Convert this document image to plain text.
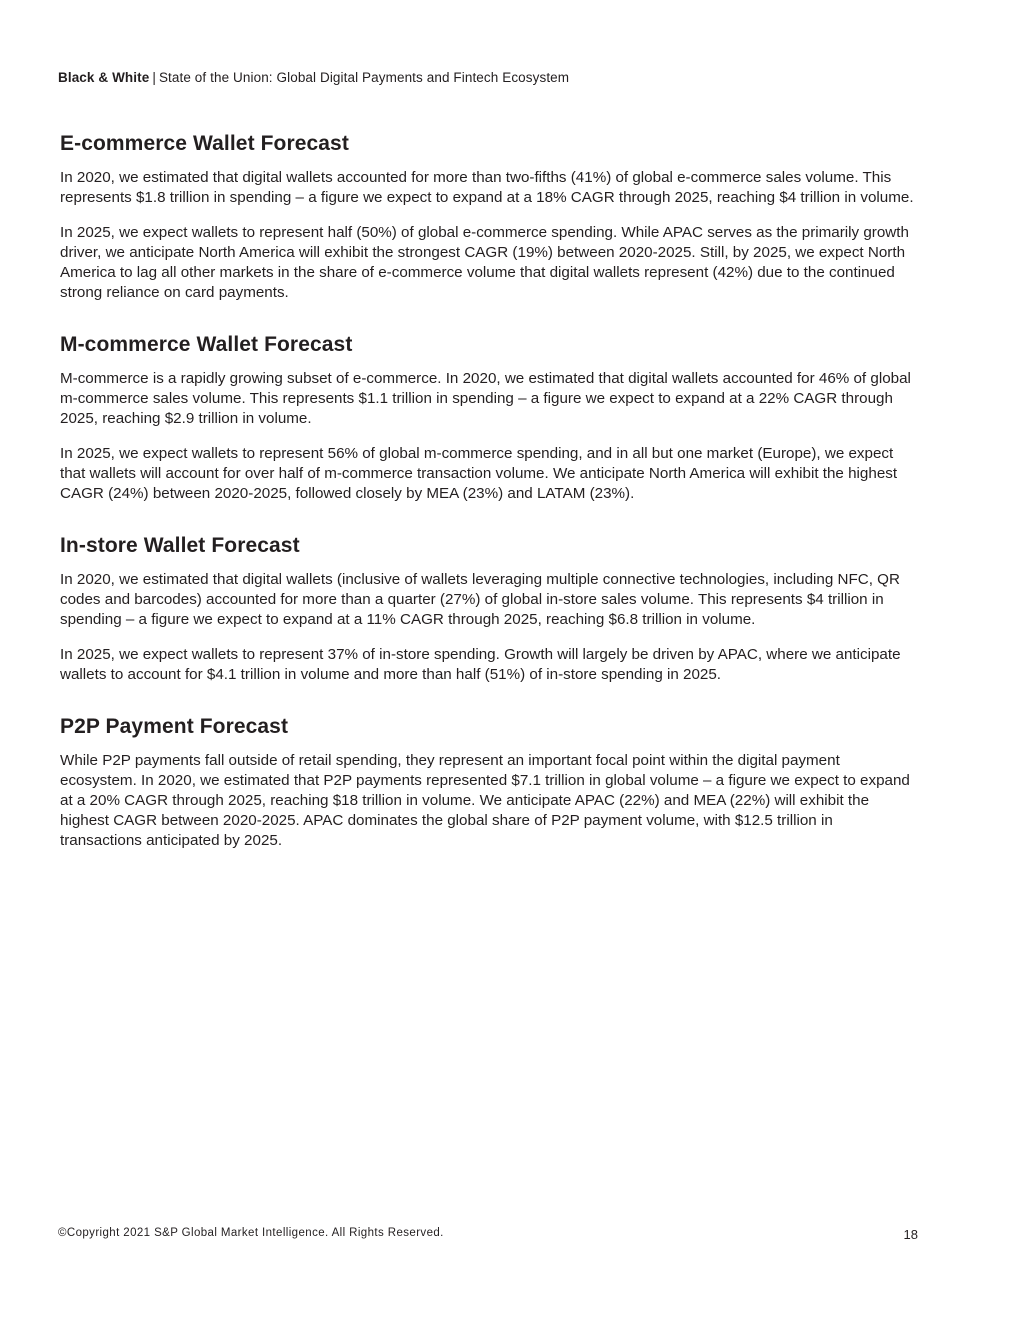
Black & White | State of the Union: Global Digital Payments and Fintech Ecosystem
E-commerce Wallet Forecast

In 2020, we estimated that digital wallets accounted for more than two-fifths (41%) of global e-commerce sales volume. This represents $1.8 trillion in spending – a figure we expect to expand at a 18% CAGR through 2025, reaching $4 trillion in volume.

In 2025, we expect wallets to represent half (50%) of global e-commerce spending. While APAC serves as the primarily growth driver, we anticipate North America will exhibit the strongest CAGR (19%) between 2020-2025. Still, by 2025, we expect North America to lag all other markets in the share of e-commerce volume that digital wallets represent (42%) due to the continued strong reliance on card payments.

M-commerce Wallet Forecast

M-commerce is a rapidly growing subset of e-commerce. In 2020, we estimated that digital wallets accounted for 46% of global m-commerce sales volume. This represents $1.1 trillion in spending – a figure we expect to expand at a 22% CAGR through 2025, reaching $2.9 trillion in volume.

In 2025, we expect wallets to represent 56% of global m-commerce spending, and in all but one market (Europe), we expect that wallets will account for over half of m-commerce transaction volume. We anticipate North America will exhibit the highest CAGR (24%) between 2020-2025, followed closely by MEA (23%) and LATAM (23%).

In-store Wallet Forecast

In 2020, we estimated that digital wallets (inclusive of wallets leveraging multiple connective technologies, including NFC, QR codes and barcodes) accounted for more than a quarter (27%) of global in-store sales volume. This represents $4 trillion in spending – a figure we expect to expand at a 11% CAGR through 2025, reaching $6.8 trillion in volume.

In 2025, we expect wallets to represent 37% of in-store spending. Growth will largely be driven by APAC, where we anticipate wallets to account for $4.1 trillion in volume and more than half (51%) of in-store spending in 2025.

P2P Payment Forecast

While P2P payments fall outside of retail spending, they represent an important focal point within the digital payment ecosystem. In 2020, we estimated that P2P payments represented $7.1 trillion in global volume – a figure we expect to expand at a 20% CAGR through 2025, reaching $18 trillion in volume. We anticipate APAC (22%) and MEA (22%) will exhibit the highest CAGR between 2020-2025. APAC dominates the global share of P2P payment volume, with $12.5 trillion in transactions anticipated by 2025.

©Copyright 2021 S&P Global Market Intelligence. All Rights Reserved.	18
